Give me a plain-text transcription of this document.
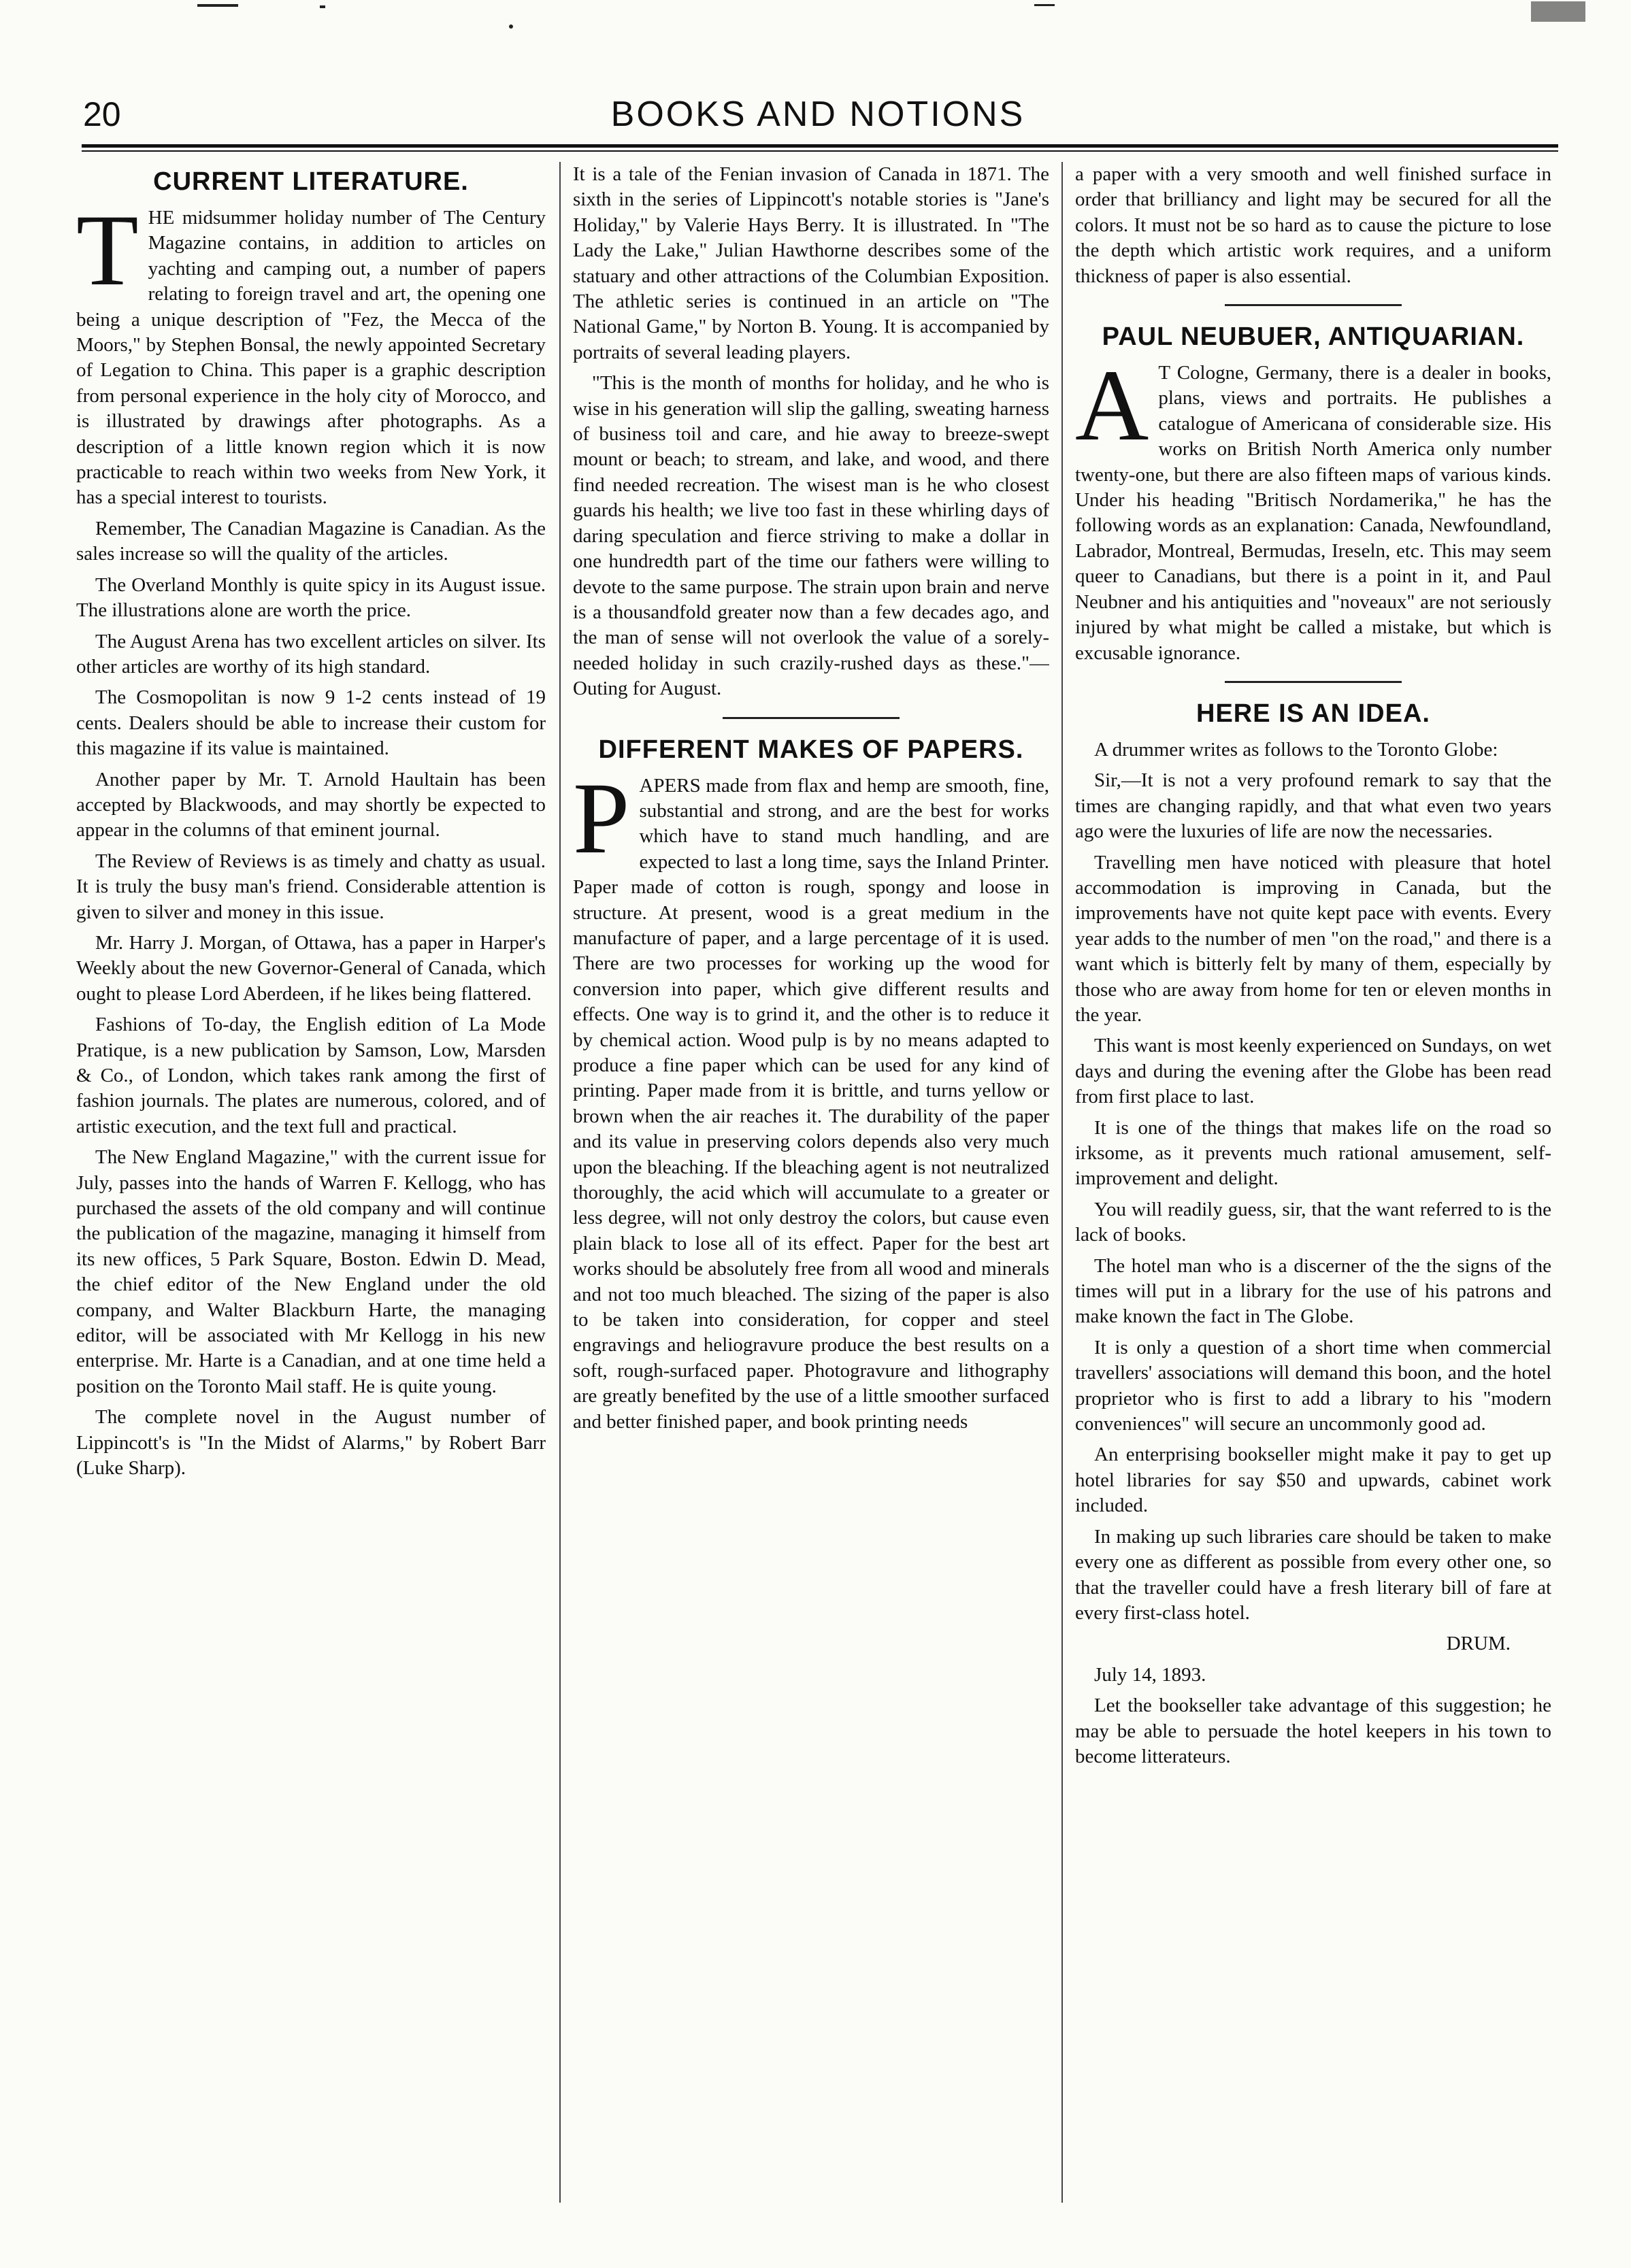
20	BOOKS AND NOTIONS
CURRENT LITERATURE.

THE midsummer holiday number of The Century Magazine contains, in addition to articles on yachting and camping out, a number of papers relating to foreign travel and art, the opening one being a unique description of "Fez, the Mecca of the Moors," by Stephen Bonsal, the newly appointed Secretary of Legation to China. This paper is a graphic description from personal experience in the holy city of Morocco, and is illustrated by drawings after photographs. As a description of a little known region which it is now practicable to reach within two weeks from New York, it has a special interest to tourists.

Remember, The Canadian Magazine is Canadian. As the sales increase so will the quality of the articles.

The Overland Monthly is quite spicy in its August issue. The illustrations alone are worth the price.

The August Arena has two excellent articles on silver. Its other articles are worthy of its high standard.

The Cosmopolitan is now 9 1-2 cents instead of 19 cents. Dealers should be able to increase their custom for this magazine if its value is maintained.

Another paper by Mr. T. Arnold Haultain has been accepted by Blackwoods, and may shortly be expected to appear in the columns of that eminent journal.

The Review of Reviews is as timely and chatty as usual. It is truly the busy man's friend. Considerable attention is given to silver and money in this issue.

Mr. Harry J. Morgan, of Ottawa, has a paper in Harper's Weekly about the new Governor-General of Canada, which ought to please Lord Aberdeen, if he likes being flattered.

Fashions of To-day, the English edition of La Mode Pratique, is a new publication by Samson, Low, Marsden & Co., of London, which takes rank among the first of fashion journals. The plates are numerous, colored, and of artistic execution, and the text full and practical.

The New England Magazine," with the current issue for July, passes into the hands of Warren F. Kellogg, who has purchased the assets of the old company and will continue the publication of the magazine, managing it himself from its new offices, 5 Park Square, Boston. Edwin D. Mead, the chief editor of the New England under the old company, and Walter Blackburn Harte, the managing editor, will be associated with Mr Kellogg in his new enterprise. Mr. Harte is a Canadian, and at one time held a position on the Toronto Mail staff. He is quite young.

The complete novel in the August number of Lippincott's is "In the Midst of Alarms," by Robert Barr (Luke Sharp).

It is a tale of the Fenian invasion of Canada in 1871. The sixth in the series of Lippincott's notable stories is "Jane's Holiday," by Valerie Hays Berry. It is illustrated. In "The Lady the Lake," Julian Hawthorne describes some of the statuary and other attractions of the Columbian Exposition. The athletic series is continued in an article on "The National Game," by Norton B. Young. It is accompanied by portraits of several leading players.

"This is the month of months for holiday, and he who is wise in his generation will slip the galling, sweating harness of business toil and care, and hie away to breeze-swept mount or beach; to stream, and lake, and wood, and there find needed recreation. The wisest man is he who closest guards his health; we live too fast in these whirling days of daring speculation and fierce striving to make a dollar in one hundredth part of the time our fathers were willing to devote to the same purpose. The strain upon brain and nerve is a thousandfold greater now than a few decades ago, and the man of sense will not overlook the value of a sorely-needed holiday in such crazily-rushed days as these."—Outing for August.

DIFFERENT MAKES OF PAPERS.

PAPERS made from flax and hemp are smooth, fine, substantial and strong, and are the best for works which have to stand much handling, and are expected to last a long time, says the Inland Printer. Paper made of cotton is rough, spongy and loose in structure. At present, wood is a great medium in the manufacture of paper, and a large percentage of it is used. There are two processes for working up the wood for conversion into paper, which give different results and effects. One way is to grind it, and the other is to reduce it by chemical action. Wood pulp is by no means adapted to produce a fine paper which can be used for any kind of printing. Paper made from it is brittle, and turns yellow or brown when the air reaches it. The durability of the paper and its value in preserving colors depends also very much upon the bleaching. If the bleaching agent is not neutralized thoroughly, the acid which will accumulate to a greater or less degree, will not only destroy the colors, but cause even plain black to lose all of its effect. Paper for the best art works should be absolutely free from all wood and minerals and not too much bleached. The sizing of the paper is also to be taken into consideration, for copper and steel engravings and heliogravure produce the best results on a soft, rough-surfaced paper. Photogravure and lithography are greatly benefited by the use of a little smoother surfaced and better finished paper, and book printing needs

a paper with a very smooth and well finished surface in order that brilliancy and light may be secured for all the colors. It must not be so hard as to cause the picture to lose the depth which artistic work requires, and a uniform thickness of paper is also essential.

PAUL NEUBUER, ANTIQUARIAN.

A T Cologne, Germany, there is a dealer in books, plans, views and portraits. He publishes a catalogue of Americana of considerable size. His works on British North America only number twenty-one, but there are also fifteen maps of various kinds. Under his heading "Britisch Nordamerika," he has the following words as an explanation: Canada, Newfoundland, Labrador, Montreal, Bermudas, Ireseln, etc. This may seem queer to Canadians, but there is a point in it, and Paul Neubner and his antiquities and "noveaux" are not seriously injured by what might be called a mistake, but which is excusable ignorance.

HERE IS AN IDEA.

A drummer writes as follows to the Toronto Globe:

Sir,—It is not a very profound remark to say that the times are changing rapidly, and that what even two years ago were the luxuries of life are now the necessaries.

Travelling men have noticed with pleasure that hotel accommodation is improving in Canada, but the improvements have not quite kept pace with events. Every year adds to the number of men "on the road," and there is a want which is bitterly felt by many of them, especially by those who are away from home for ten or eleven months in the year.

This want is most keenly experienced on Sundays, on wet days and during the evening after the Globe has been read from first place to last.

It is one of the things that makes life on the road so irksome, as it prevents much rational amusement, self-improvement and delight.

You will readily guess, sir, that the want referred to is the lack of books.

The hotel man who is a discerner of the the signs of the times will put in a library for the use of his patrons and make known the fact in The Globe.

It is only a question of a short time when commercial travellers' associations will demand this boon, and the hotel proprietor who is first to add a library to his "modern conveniences" will secure an uncommonly good ad.

An enterprising bookseller might make it pay to get up hotel libraries for say $50 and upwards, cabinet work included.

In making up such libraries care should be taken to make every one as different as possible from every other one, so that the traveller could have a fresh literary bill of fare at every first-class hotel.

DRUM.

July 14, 1893.

Let the bookseller take advantage of this suggestion; he may be able to persuade the hotel keepers in his town to become litterateurs.
